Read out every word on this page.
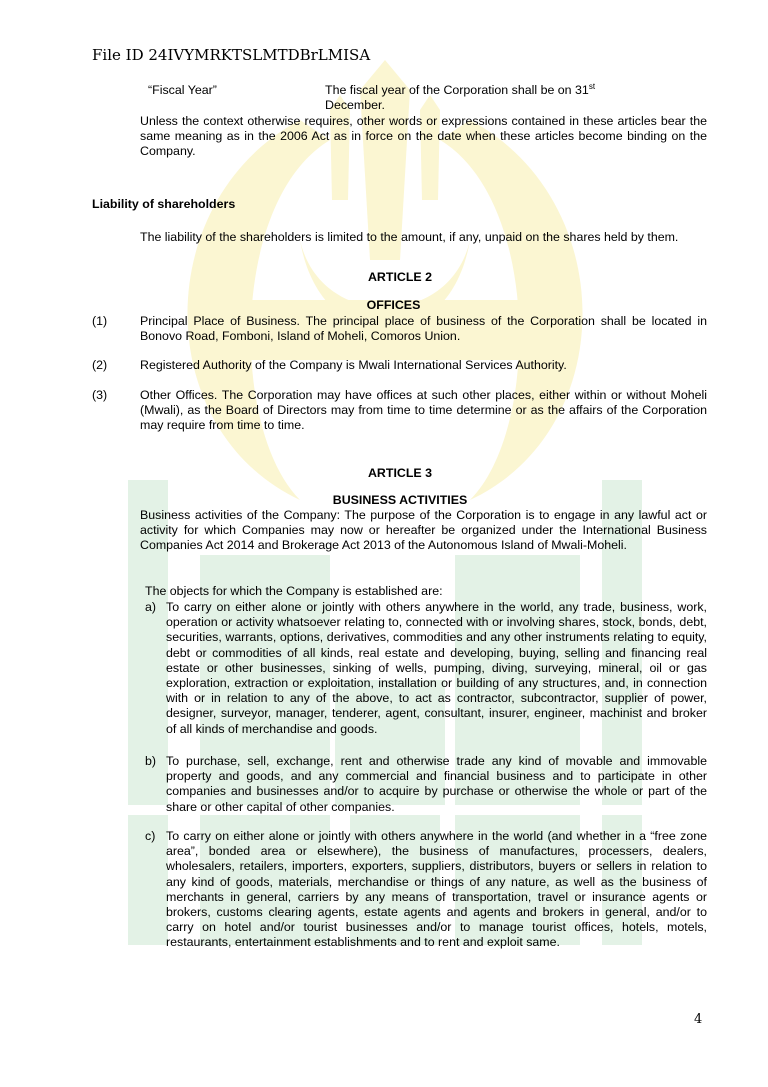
File ID 24IVYMRKTSLMTDBrLMISA
“Fiscal Year”	The fiscal year of the Corporation shall be on 31st
December.
Unless the context otherwise requires, other words or expressions contained in these articles bear the same meaning as in the 2006 Act as in force on the date when these articles become binding on the Company.
Liability of shareholders
The liability of the shareholders is limited to the amount, if any, unpaid on the shares held by them.
ARTICLE 2
OFFICES
(1)	Principal Place of Business. The principal place of business of the Corporation shall be located in Bonovo Road, Fomboni, Island of Moheli, Comoros Union.
(2)	Registered Authority of the Company is Mwali International Services Authority.
(3)	Other Offices. The Corporation may have offices at such other places, either within or without Moheli (Mwali), as the Board of Directors may from time to time determine or as the affairs of the Corporation may require from time to time.
ARTICLE 3
BUSINESS ACTIVITIES
Business activities of the Company: The purpose of the Corporation is to engage in any lawful act or activity for which Companies may now or hereafter be organized under the International Business Companies Act 2014 and Brokerage Act 2013 of the Autonomous Island of Mwali-Moheli.
The objects for which the Company is established are:
a) To carry on either alone or jointly with others anywhere in the world, any trade, business, work, operation or activity whatsoever relating to, connected with or involving shares, stock, bonds, debt, securities, warrants, options, derivatives, commodities and any other instruments relating to equity, debt or commodities of all kinds, real estate and developing, buying, selling and financing real estate or other businesses, sinking of wells, pumping, diving, surveying, mineral, oil or gas exploration, extraction or exploitation, installation or building of any structures, and, in connection with or in relation to any of the above, to act as contractor, subcontractor, supplier of power, designer, surveyor, manager, tenderer, agent, consultant, insurer, engineer, machinist and broker of all kinds of merchandise and goods.
b) To purchase, sell, exchange, rent and otherwise trade any kind of movable and immovable property and goods, and any commercial and financial business and to participate in other companies and businesses and/or to acquire by purchase or otherwise the whole or part of the share or other capital of other companies.
c) To carry on either alone or jointly with others anywhere in the world (and whether in a “free zone area”, bonded area or elsewhere), the business of manufactures, processers, dealers, wholesalers, retailers, importers, exporters, suppliers, distributors, buyers or sellers in relation to any kind of goods, materials, merchandise or things of any nature, as well as the business of merchants in general, carriers by any means of transportation, travel or insurance agents or brokers, customs clearing agents, estate agents and agents and brokers in general, and/or to carry on hotel and/or tourist businesses and/or to manage tourist offices, hotels, motels, restaurants, entertainment establishments and to rent and exploit same.
4
